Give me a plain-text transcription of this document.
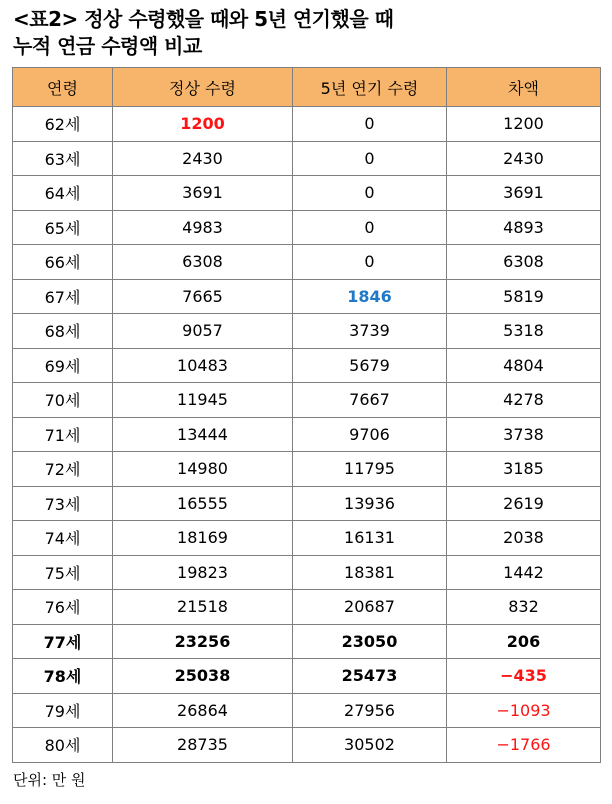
<표2> 정상 수령했을 때와 5년 연기했을 때
누적 연금 수령액 비교
연령	정상 수령	5년 연기 수령	차액
62세	1200	0	1200
63세	2430	0	2430
64세	3691	0	3691
65세	4983	0	4893
66세	6308	0	6308
67세	7665	1846	5819
68세	9057	3739	5318
69세	10483	5679	4804
70세	11945	7667	4278
71세	13444	9706	3738
72세	14980	11795	3185
73세	16555	13936	2619
74세	18169	16131	2038
75세	19823	18381	1442
76세	21518	20687	832
77세	23256	23050	206
78세	25038	25473	−435
79세	26864	27956	−1093
80세	28735	30502	−1766
단위: 만 원
